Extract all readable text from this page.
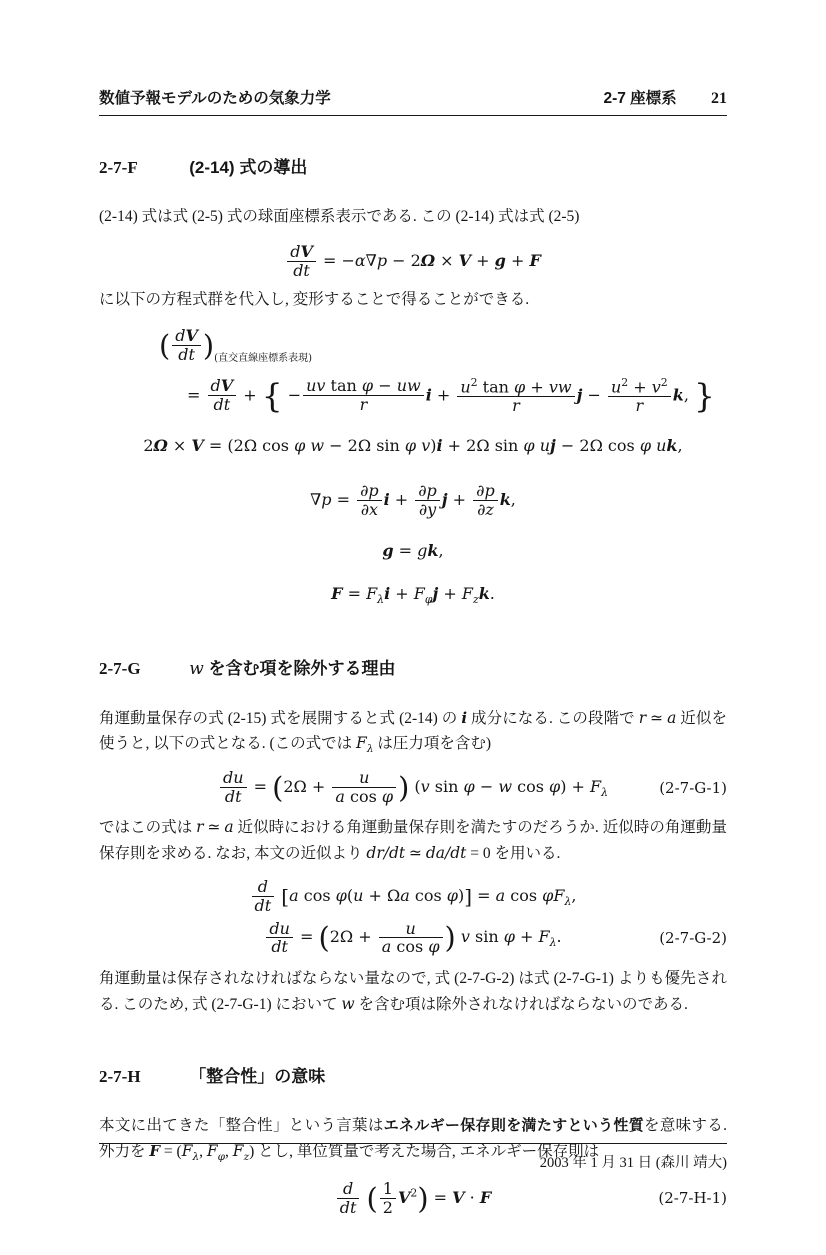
数値予報モデルのための気象力学	2-7 座標系 21
2-7-F	(2-14) 式の導出

(2-14) 式は式 (2-5) 式の球面座標系表示である. この (2-14) 式は式 (2-5)

$\frac{dV}{dt} = -\alpha\nabla p - 2\Omega \times V + g + F$

に以下の方程式群を代入し, 変形することで得ることができる.

( $\frac{dV}{dt} )_{(直交直線座標系表現)}$
= $\frac{dV}{dt}$ + { − $\frac{\text{uv tan φ − uw}}{r}$ $i + \frac{u^2 \tan \varphi + vw}{r}$ $j - \frac{u^2 + v^2}{r} k$, }
2Ω × V = (2Ω cos φ w − 2Ω sin φ v)i + 2Ω sin φ uj − 2Ω cos φ uk,
$\nabla p = \frac{\partial p}{\partial x}$ $i + \frac{\partial p}{\partial y}$ $j + \frac{\partial p}{\partial z} k$,
g = gk,
$F = F_\lambda i + F_\varphi j + F_zk$.
2-7-G	w を含む項を除外する理由

角運動量保存の式 (2-15) 式を展開すると式 (2-14) の i 成分になる. この段階で r ≃ a 近似を使うと, 以下の式となる. (この式では $F_\lambda$ は圧力項を含む)

$\frac{du}{dt} = (2\Omega + \frac{u}{\text{a cos φ}}$ ) (v sin φ − w $\cos \varphi) + F_\lambda$	(2-7-G-1)

ではこの式は r ≃ a 近似時における角運動量保存則を満たすのだろうか. 近似時の角運動量保存則を求める. なお, 本文の近似より dr/dt ≃ da/dt = 0 を用いる.

$\frac{d}{dt} [a$ cos φ(u + Ωa cos φ)] = a $\cos \varphi F_\lambda$,
$\frac{du}{dt} = (2\Omega + \frac{u}{\text{a cos φ}}$ ) v $\sin \varphi + F_\lambda$.	(2-7-G-2)

角運動量は保存されなければならない量なので, 式 (2-7-G-2) は式 (2-7-G-1) よりも優先される. このため, 式 (2-7-G-1) において w を含む項は除外されなければならないのである.

2-7-H	「整合性」の意味

本文に出てきた「整合性」という言葉はエネルギー保存則を満たすという性質を意味する. 外力を $F = (F_\lambda$, $F_\varphi$, $F_z$) とし, 単位質量で考えた場合, エネルギー保存則は

$\frac{d}{dt}$ ( $\frac{1}{2} V^2) = V \cdot F$	(2-7-H-1)
2003 年 1 月 31 日 (森川 靖大)
